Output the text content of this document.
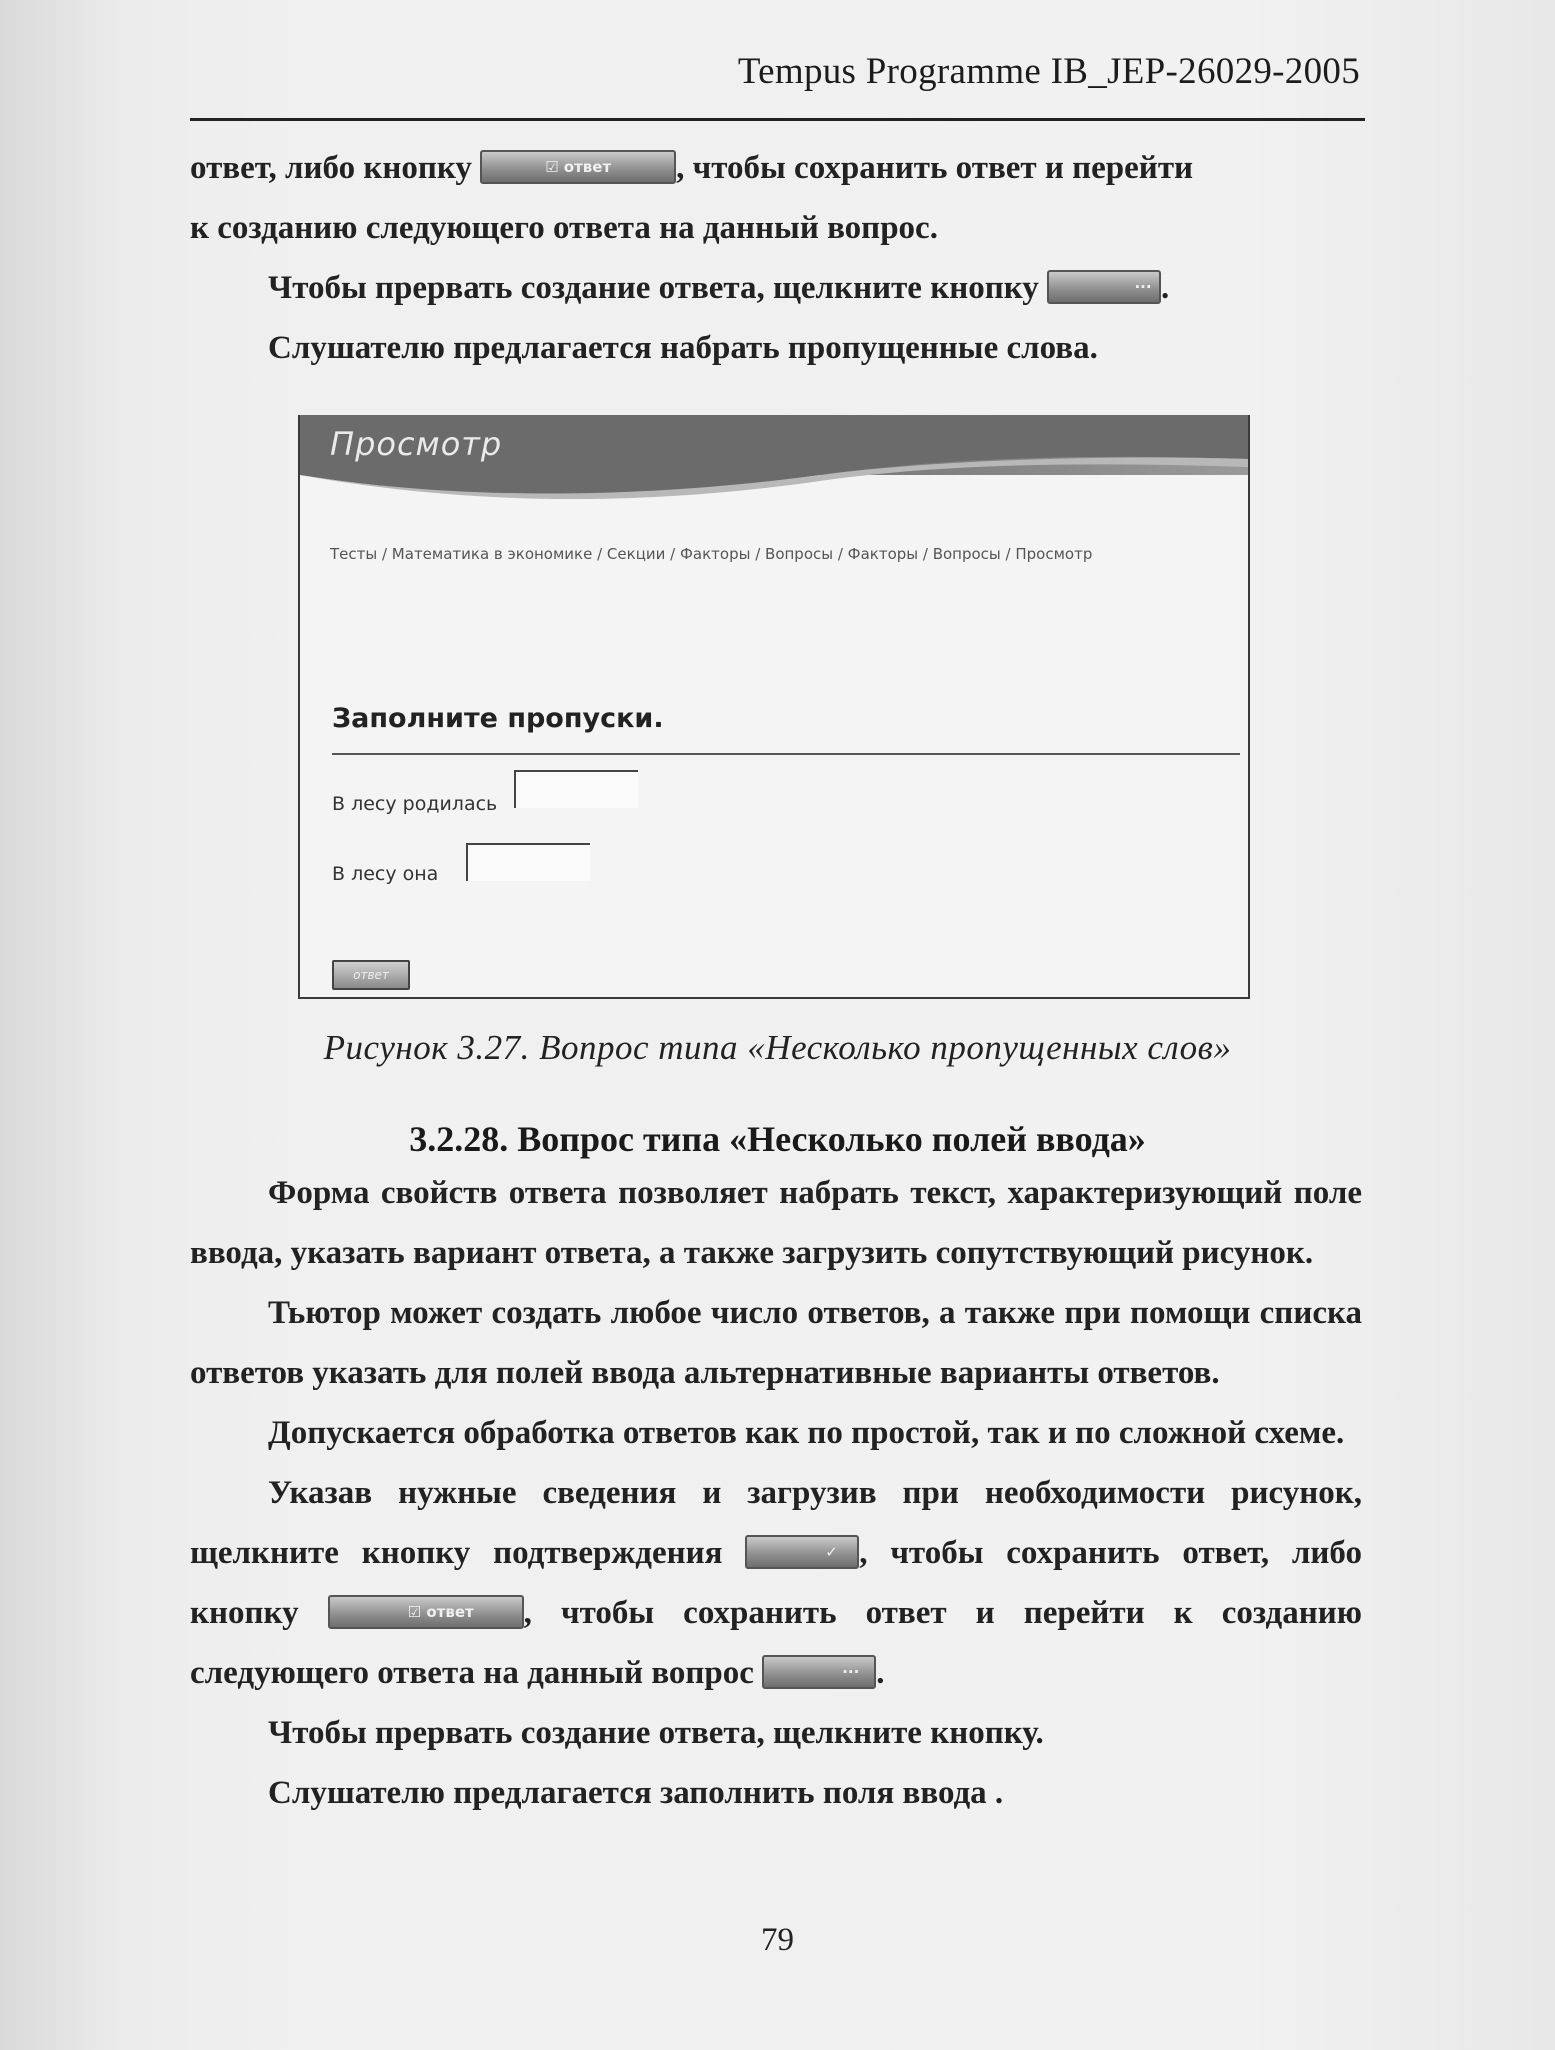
Tempus Programme IB_JEP-26029-2005

ответ, либо кнопку	☑ ответ	, чтобы сохранить ответ и перейти

к созданию следующего ответа на данный вопрос.

Чтобы прервать создание ответа, щелкните кнопку	··· .

Слушателю предлагается набрать пропущенные слова.

Просмотр
Тесты / Математика в экономике / Секции / Факторы / Вопросы / Факторы / Вопросы / Просмотр
Заполните пропуски.
В лесу родилась
В лесу она
ответ
Рисунок 3.27. Вопрос типа «Несколько пропущенных слов»
3.2.28. Вопрос типа «Несколько полей ввода»

Форма свойств ответа позволяет набрать текст, характеризующий поле ввода, указать вариант ответа, а также загрузить сопутствующий рисунок.

Тьютор может создать любое число ответов, а также при помощи списка ответов указать для полей ввода альтернативные варианты ответов.

Допускается обработка ответов как по простой, так и по сложной схеме.

Указав нужные сведения и загрузив при необходимости рисунок, щелкните кнопку подтверждения	✓ , чтобы сохранить ответ, либо кнопку	☑ ответ	, чтобы сохранить ответ и перейти к созданию следующего ответа на данный вопрос	··· .

Чтобы прервать создание ответа, щелкните кнопку.

Слушателю предлагается заполнить поля ввода .

79
